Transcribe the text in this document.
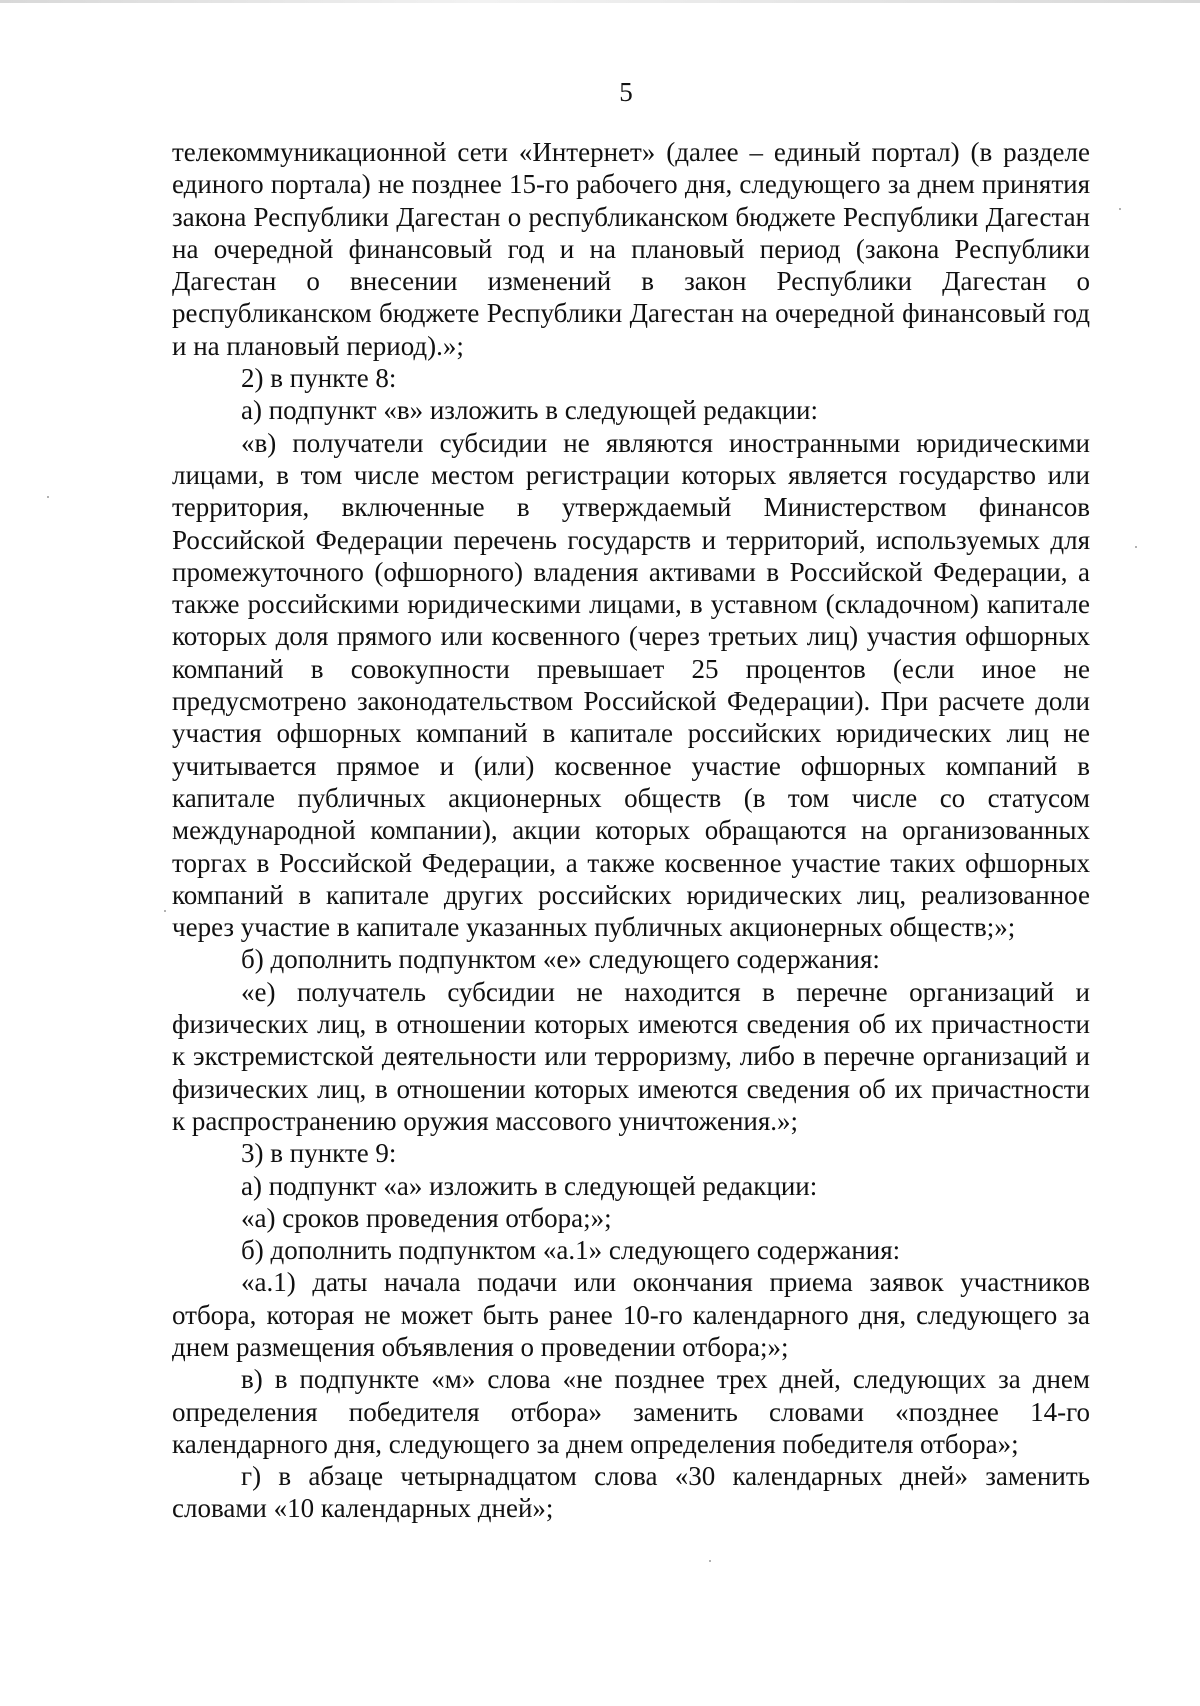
5

телекоммуникационной сети «Интернет» (далее – единый портал) (в разделе единого портала) не позднее 15-го рабочего дня, следующего за днем принятия закона Республики Дагестан о республиканском бюджете Республики Дагестан на очередной финансовый год и на плановый период (закона Республики Дагестан о внесении изменений в закон Республики Дагестан о республиканском бюджете Республики Дагестан на очередной финансовый год и на плановый период).»;

2) в пункте 8:

а) подпункт «в» изложить в следующей редакции:

«в) получатели субсидии не являются иностранными юридическими лицами, в том числе местом регистрации которых является государство или территория, включенные в утверждаемый Министерством финансов Российской Федерации перечень государств и территорий, используемых для промежуточного (офшорного) владения активами в Российской Федерации, а также российскими юридическими лицами, в уставном (складочном) капитале которых доля прямого или косвенного (через третьих лиц) участия офшорных компаний в совокупности превышает 25 процентов (если иное не предусмотрено законодательством Российской Федерации). При расчете доли участия офшорных компаний в капитале российских юридических лиц не учитывается прямое и (или) косвенное участие офшорных компаний в капитале публичных акционерных обществ (в том числе со статусом международной компании), акции которых обращаются на организованных торгах в Российской Федерации, а также косвенное участие таких офшорных компаний в капитале других российских юридических лиц, реализованное через участие в капитале указанных публичных акционерных обществ;»;

б) дополнить подпунктом «е» следующего содержания:

«е) получатель субсидии не находится в перечне организаций и физических лиц, в отношении которых имеются сведения об их причастности к экстремистской деятельности или терроризму, либо в перечне организаций и физических лиц, в отношении которых имеются сведения об их причастности к распространению оружия массового уничтожения.»;

3) в пункте 9:

а) подпункт «а» изложить в следующей редакции:

«а) сроков проведения отбора;»;

б) дополнить подпунктом «а.1» следующего содержания:

«а.1) даты начала подачи или окончания приема заявок участников отбора, которая не может быть ранее 10-го календарного дня, следующего за днем размещения объявления о проведении отбора;»;

в) в подпункте «м» слова «не позднее трех дней, следующих за днем определения победителя отбора» заменить словами «позднее 14-го календарного дня, следующего за днем определения победителя отбора»;

г) в абзаце четырнадцатом слова «30 календарных дней» заменить словами «10 календарных дней»;
